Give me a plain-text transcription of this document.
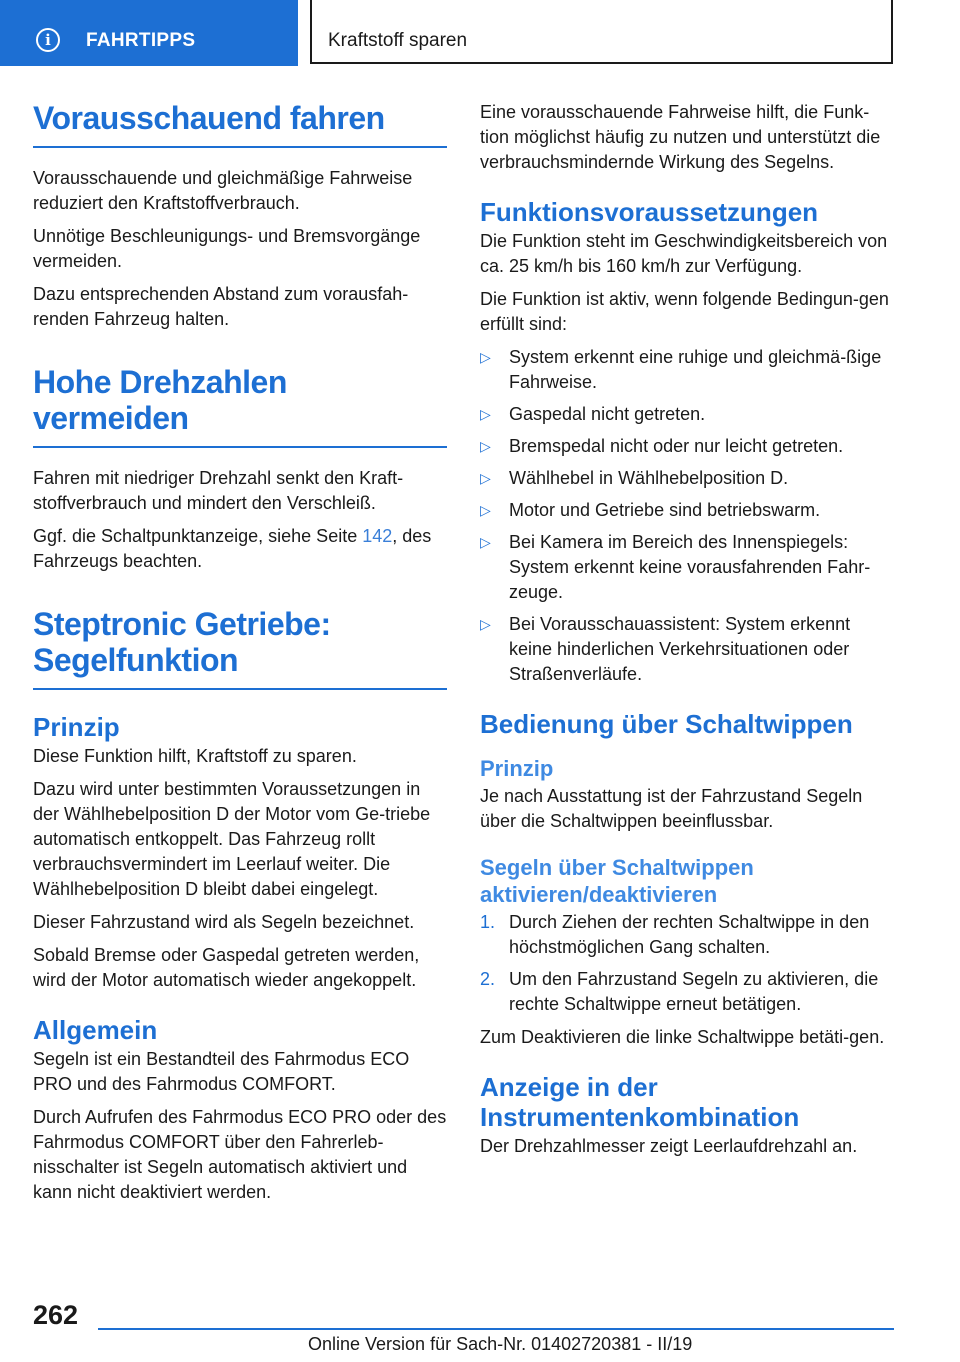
i	FAHRTIPPS	Kraftstoff sparen
Vorausschauend fahren

Vorausschauende und gleichmäßige Fahrweise reduziert den Kraftstoffverbrauch.

Unnötige Beschleunigungs- und Bremsvorgänge vermeiden.

Dazu entsprechenden Abstand zum vorausfah‐renden Fahrzeug halten.

Hohe Drehzahlen
vermeiden

Fahren mit niedriger Drehzahl senkt den Kraft‐stoffverbrauch und mindert den Verschleiß.

Ggf. die Schaltpunktanzeige, siehe Seite 142, des Fahrzeugs beachten.

Steptronic Getriebe:
Segelfunktion
Prinzip

Diese Funktion hilft, Kraftstoff zu sparen.

Dazu wird unter bestimmten Voraussetzungen in der Wählhebelposition D der Motor vom Ge‐triebe automatisch entkoppelt. Das Fahrzeug rollt verbrauchsvermindert im Leerlauf weiter. Die Wählhebelposition D bleibt dabei eingelegt.

Dieser Fahrzustand wird als Segeln bezeichnet.

Sobald Bremse oder Gaspedal getreten werden, wird der Motor automatisch wieder angekoppelt.

Allgemein

Segeln ist ein Bestandteil des Fahrmodus ECO PRO und des Fahrmodus COMFORT.

Durch Aufrufen des Fahrmodus ECO PRO oder des Fahrmodus COMFORT über den Fahrerleb‐nisschalter ist Segeln automatisch aktiviert und kann nicht deaktiviert werden.

Eine vorausschauende Fahrweise hilft, die Funk‐tion möglichst häufig zu nutzen und unterstützt die verbrauchsmindernde Wirkung des Segelns.

Funktionsvoraussetzungen

Die Funktion steht im Geschwindigkeitsbereich von ca. 25 km/h bis 160 km/h zur Verfügung.

Die Funktion ist aktiv, wenn folgende Bedingun‐gen erfüllt sind:

▷ System erkennt eine ruhige und gleichmä‐ßige Fahrweise.
▷ Gaspedal nicht getreten.
▷ Bremspedal nicht oder nur leicht getreten.
▷ Wählhebel in Wählhebelposition D.
▷ Motor und Getriebe sind betriebswarm.
▷ Bei Kamera im Bereich des Innenspiegels: System erkennt keine vorausfahrenden Fahr‐zeuge.
▷ Bei Vorausschauassistent: System erkennt keine hinderlichen Verkehrsituationen oder Straßenverläufe.
Bedienung über Schaltwippen
Prinzip

Je nach Ausstattung ist der Fahrzustand Segeln über die Schaltwippen beeinflussbar.

Segeln über Schaltwippen
aktivieren/deaktivieren
1. Durch Ziehen der rechten Schaltwippe in den höchstmöglichen Gang schalten.
2. Um den Fahrzustand Segeln zu aktivieren, die rechte Schaltwippe erneut betätigen.

Zum Deaktivieren die linke Schaltwippe betäti‐gen.

Anzeige in der
Instrumentenkombination

Der Drehzahlmesser zeigt Leerlaufdrehzahl an.

262
Online Version für Sach-Nr. 01402720381 - II/19
